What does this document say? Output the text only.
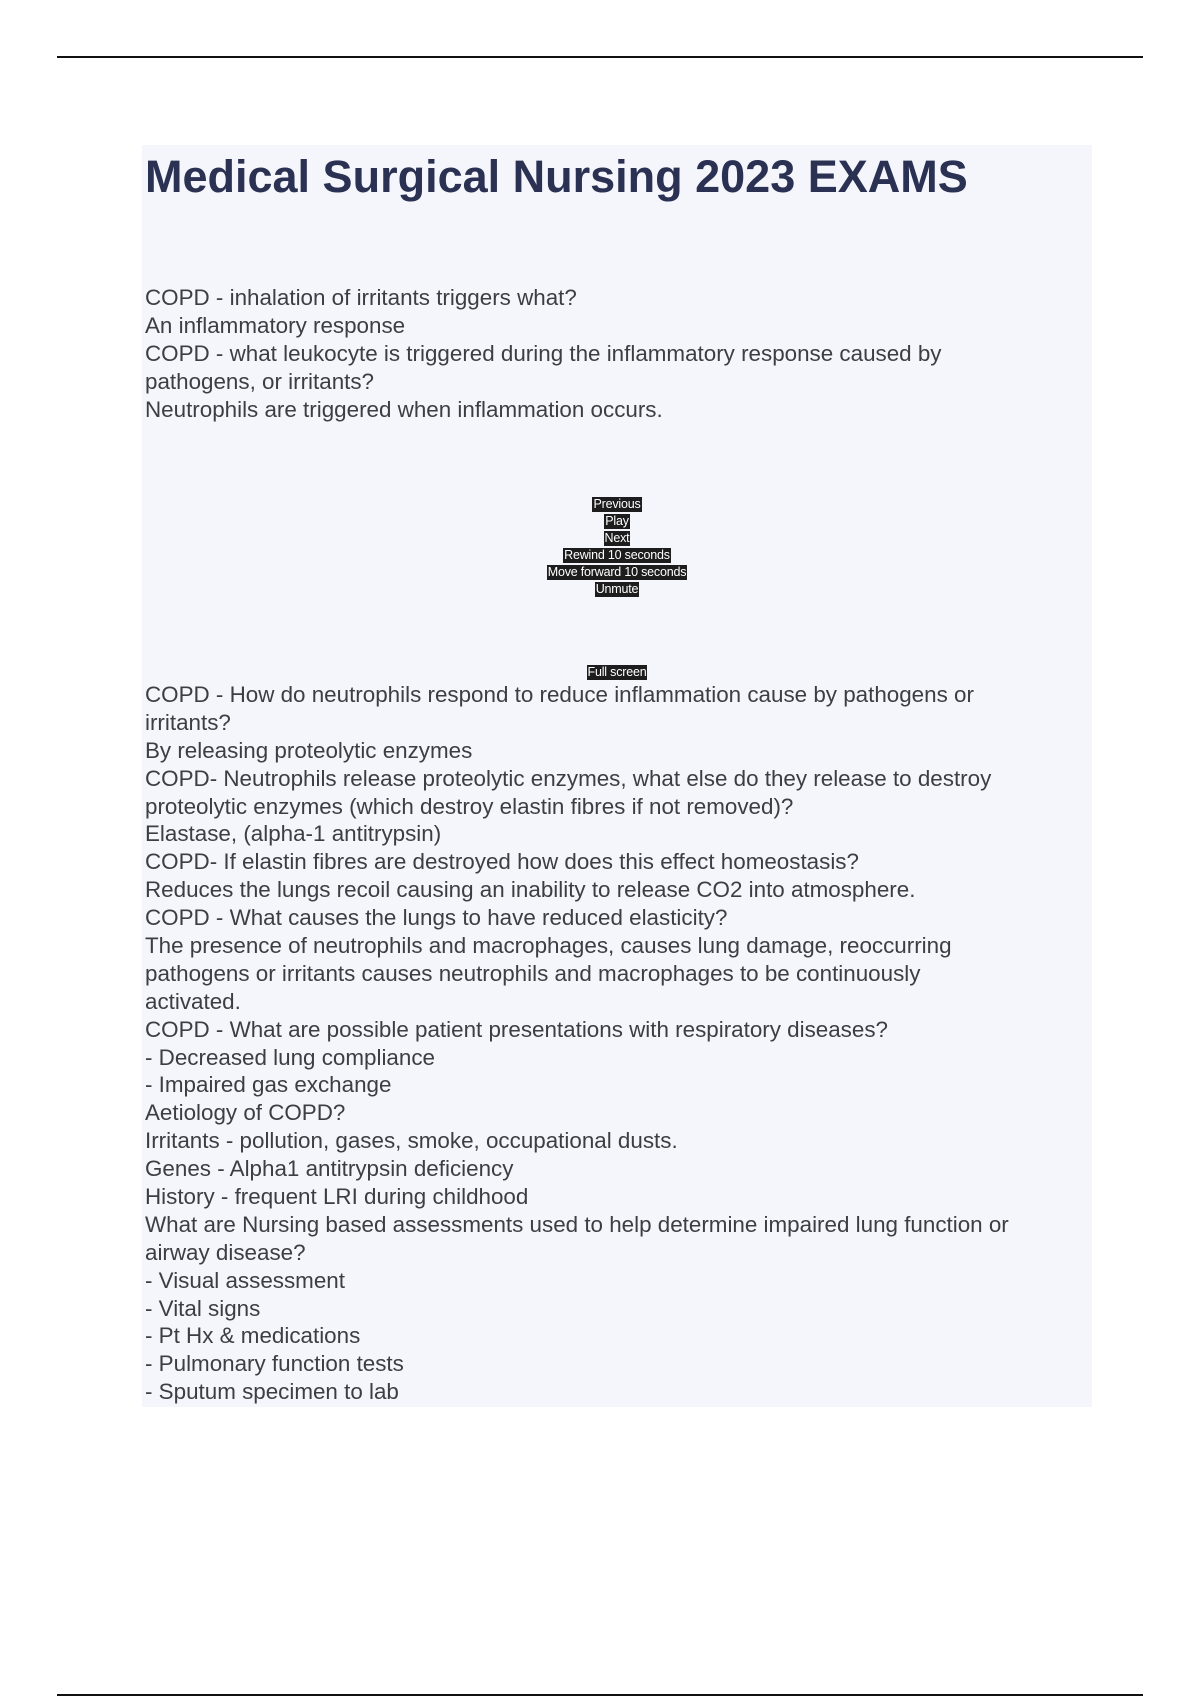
Medical Surgical Nursing 2023 EXAMS
COPD - inhalation of irritants triggers what?
An inflammatory response
COPD - what leukocyte is triggered during the inflammatory response caused by
pathogens, or irritants?
Neutrophils are triggered when inflammation occurs.
Previous
Play
Next
Rewind 10 seconds
Move forward 10 seconds
Unmute
Full screen
COPD - How do neutrophils respond to reduce inflammation cause by pathogens or
irritants?
By releasing proteolytic enzymes
COPD- Neutrophils release proteolytic enzymes, what else do they release to destroy
proteolytic enzymes (which destroy elastin fibres if not removed)?
Elastase, (alpha-1 antitrypsin)
COPD- If elastin fibres are destroyed how does this effect homeostasis?
Reduces the lungs recoil causing an inability to release CO2 into atmosphere.
COPD - What causes the lungs to have reduced elasticity?
The presence of neutrophils and macrophages, causes lung damage, reoccurring
pathogens or irritants causes neutrophils and macrophages to be continuously
activated.
COPD - What are possible patient presentations with respiratory diseases?
- Decreased lung compliance
- Impaired gas exchange
Aetiology of COPD?
Irritants - pollution, gases, smoke, occupational dusts.
Genes - Alpha1 antitrypsin deficiency
History - frequent LRI during childhood
What are Nursing based assessments used to help determine impaired lung function or
airway disease?
- Visual assessment
- Vital signs
- Pt Hx & medications
- Pulmonary function tests
- Sputum specimen to lab
